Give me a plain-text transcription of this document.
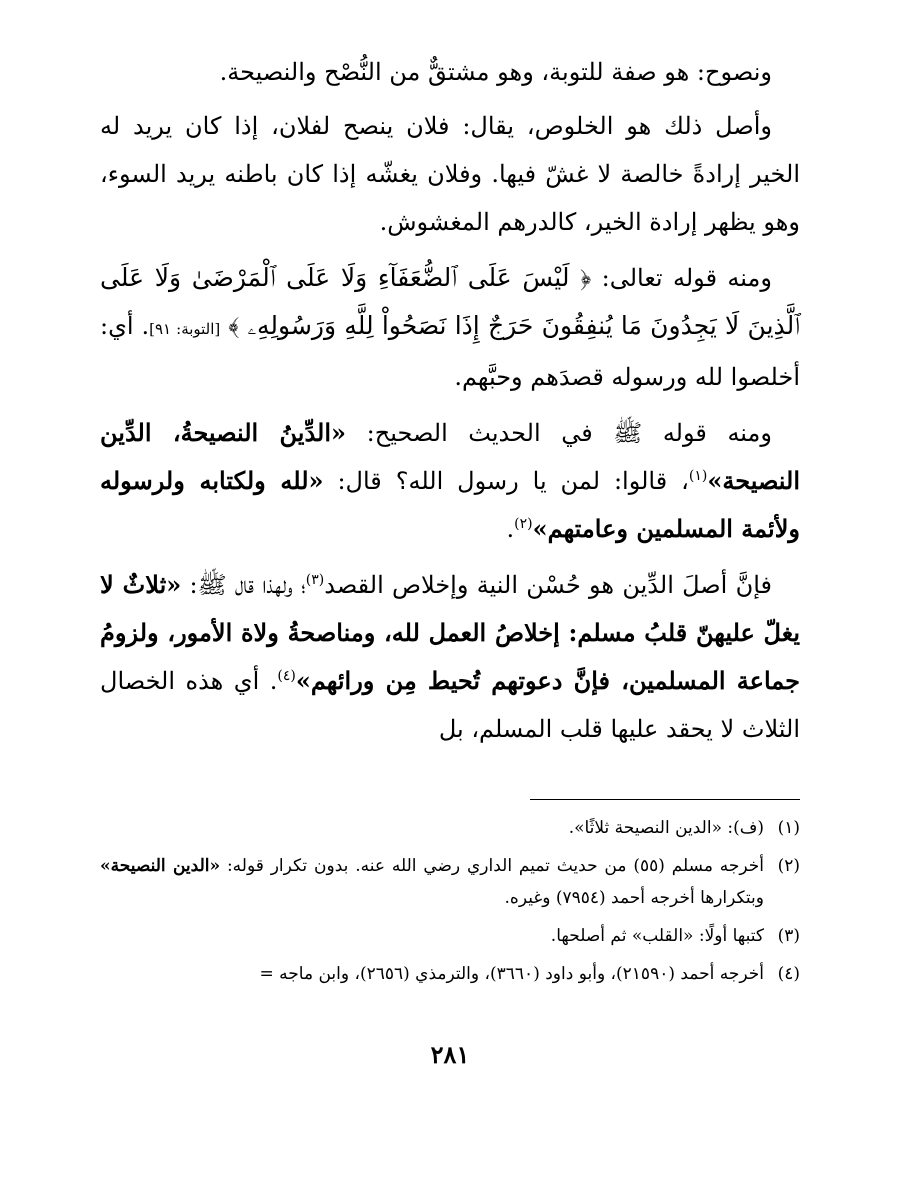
ونصوح: هو صفة للتوبة، وهو مشتقٌّ من النُّصْح والنصيحة.

وأصل ذلك هو الخلوص، يقال: فلان ينصح لفلان، إذا كان يريد له الخير إرادةً خالصة لا غشّ فيها. وفلان يغشّه إذا كان باطنه يريد السوء، وهو يظهر إرادة الخير، كالدرهم المغشوش.

ومنه قوله تعالى: ﴿ لَيْسَ عَلَى ٱلضُّعَفَآءِ وَلَا عَلَى ٱلْمَرْضَىٰ وَلَا عَلَى ٱلَّذِينَ لَا يَجِدُونَ مَا يُنفِقُونَ حَرَجٌ إِذَا نَصَحُواْ لِلَّهِ وَرَسُولِهِۦ ﴾ [التوبة: ٩١]. أي: أخلصوا لله ورسوله قصدَهم وحبَّهم.

ومنه قوله ﷺ في الحديث الصحيح: «الدِّينُ النصيحةُ، الدِّين النصيحة»$^{(١)}$، قالوا: لمن يا رسول الله؟ قال: «لله ولكتابه ولرسوله ولأئمة المسلمين وعامتهم»$^{(٢)}$.

فإنَّ أصلَ الدِّين هو حُسْن النية وإخلاص القصد$^{(٣)}$؛ ولهذا قال ﷺ: «ثلاثٌ لا يغلّ عليهنّ قلبُ مسلم: إخلاصُ العمل لله، ومناصحةُ ولاة الأمور، ولزومُ جماعة المسلمين، فإنَّ دعوتهم تُحيط مِن ورائهم»$^{(٤)}$. أي هذه الخصال الثلاث لا يحقد عليها قلب المسلم، بل

(١)
(ف): «الدين النصيحة ثلاثًا».
(٢)
أخرجه مسلم (٥٥) من حديث تميم الداري رضي الله عنه. بدون تكرار قوله: «الدين النصيحة» وبتكرارها أخرجه أحمد (٧٩٥٤) وغيره.
(٣)
كتبها أولًا: «القلب» ثم أصلحها.
(٤)
أخرجه أحمد (٢١٥٩٠)، وأبو داود (٣٦٦٠)، والترمذي (٢٦٥٦)، وابن ماجه =
٢٨١
